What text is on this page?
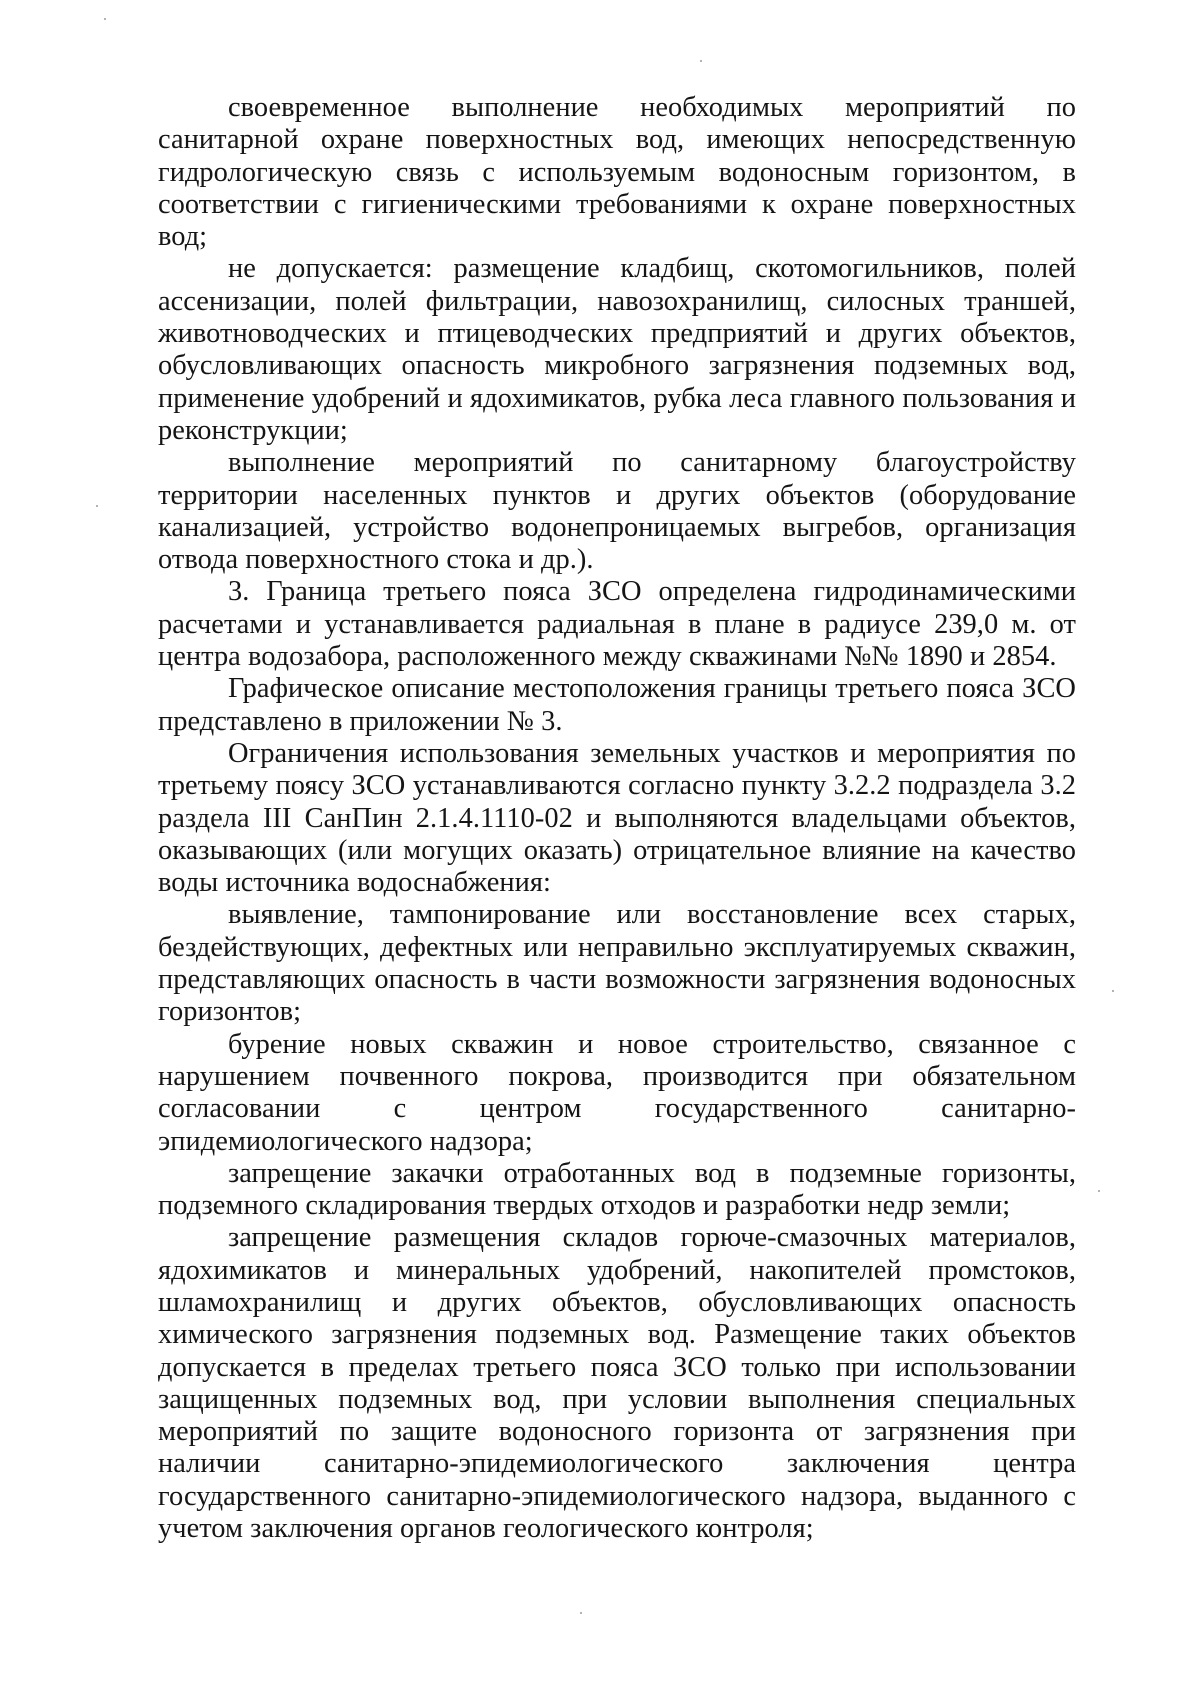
своевременное выполнение необходимых мероприятий по санитарной охране поверхностных вод, имеющих непосредственную гидрологическую связь с используемым водоносным горизонтом, в соответствии с гигиеническими требованиями к охране поверхностных вод;

не допускается: размещение кладбищ, скотомогильников, полей ассенизации, полей фильтрации, навозохранилищ, силосных траншей, животноводческих и птицеводческих предприятий и других объектов, обусловливающих опасность микробного загрязнения подземных вод, применение удобрений и ядохимикатов, рубка леса главного пользования и реконструкции;

выполнение мероприятий по санитарному благоустройству территории населенных пунктов и других объектов (оборудование канализацией, устройство водонепроницаемых выгребов, организация отвода поверхностного стока и др.).

3. Граница третьего пояса ЗСО определена гидродинамическими расчетами и устанавливается радиальная в плане в радиусе 239,0 м. от центра водозабора, расположенного между скважинами №№ 1890 и 2854.

Графическое описание местоположения границы третьего пояса ЗСО представлено в приложении № 3.

Ограничения использования земельных участков и мероприятия по третьему поясу ЗСО устанавливаются согласно пункту 3.2.2 подраздела 3.2 раздела III СанПин 2.1.4.1110-02 и выполняются владельцами объектов, оказывающих (или могущих оказать) отрицательное влияние на качество воды источника водоснабжения:

выявление, тампонирование или восстановление всех старых, бездействующих, дефектных или неправильно эксплуатируемых скважин, представляющих опасность в части возможности загрязнения водоносных горизонтов;

бурение новых скважин и новое строительство, связанное с нарушением почвенного покрова, производится при обязательном согласовании с центром государственного санитарно-эпидемиологического надзора;

запрещение закачки отработанных вод в подземные горизонты, подземного складирования твердых отходов и разработки недр земли;

запрещение размещения складов горюче-смазочных материалов, ядохимикатов и минеральных удобрений, накопителей промстоков, шламохранилищ и других объектов, обусловливающих опасность химического загрязнения подземных вод. Размещение таких объектов допускается в пределах третьего пояса ЗСО только при использовании защищенных подземных вод, при условии выполнения специальных мероприятий по защите водоносного горизонта от загрязнения при наличии санитарно-эпидемиологического заключения центра государственного санитарно-эпидемиологического надзора, выданного с учетом заключения органов геологического контроля;
